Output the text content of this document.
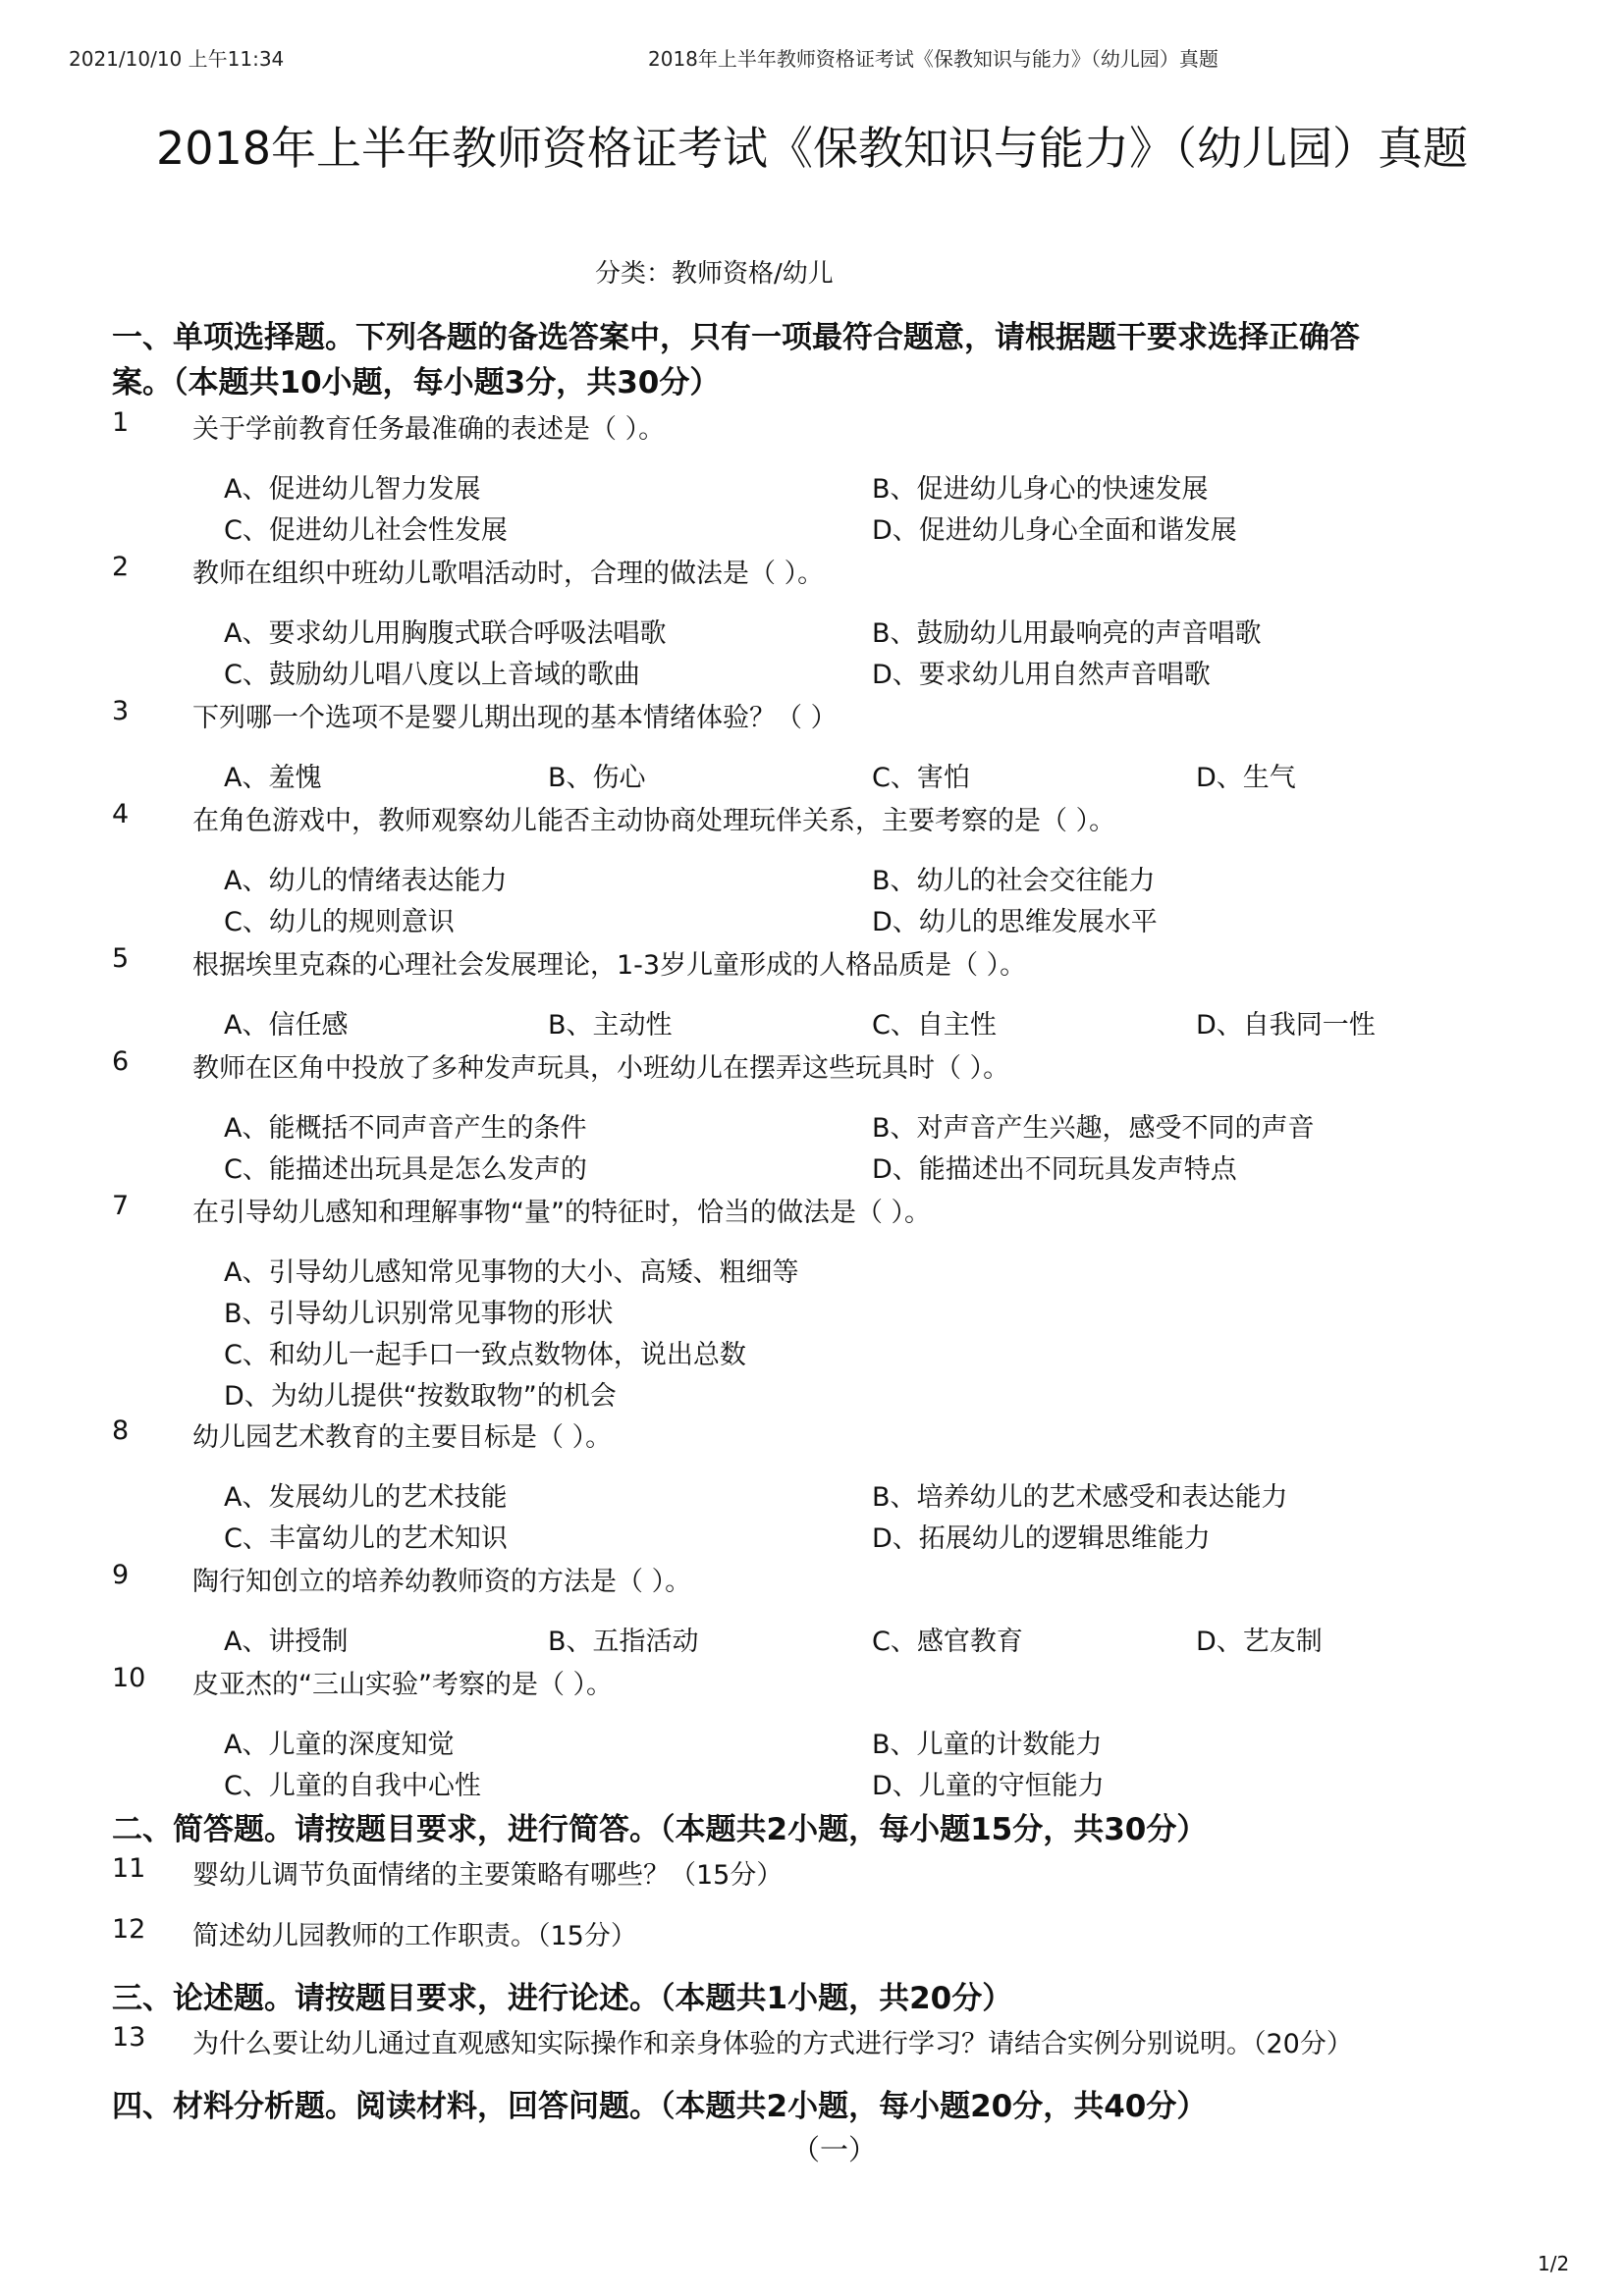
2021/10/10 上午11:34	2018年上半年教师资格证考试《保教知识与能力》（幼儿园）真题
2018年上半年教师资格证考试《保教知识与能力》（幼儿园）真题
分类：教师资格/幼儿
一、单项选择题。下列各题的备选答案中，只有一项最符合题意，请根据题干要求选择正确答
案。（本题共10小题，每小题3分，共30分）
1 关于学前教育任务最准确的表述是（ ）。
A、促进幼儿智力发展	B、促进幼儿身心的快速发展
C、促进幼儿社会性发展	D、促进幼儿身心全面和谐发展
2 教师在组织中班幼儿歌唱活动时，合理的做法是（ ）。
A、要求幼儿用胸腹式联合呼吸法唱歌	B、鼓励幼儿用最响亮的声音唱歌
C、鼓励幼儿唱八度以上音域的歌曲	D、要求幼儿用自然声音唱歌
3 下列哪一个选项不是婴儿期出现的基本情绪体验？（ ）
A、羞愧	B、伤心	C、害怕	D、生气
4 在角色游戏中，教师观察幼儿能否主动协商处理玩伴关系，主要考察的是（ ）。
A、幼儿的情绪表达能力	B、幼儿的社会交往能力
C、幼儿的规则意识	D、幼儿的思维发展水平
5 根据埃里克森的心理社会发展理论，1-3岁儿童形成的人格品质是（ ）。
A、信任感	B、主动性	C、自主性	D、自我同一性
6 教师在区角中投放了多种发声玩具，小班幼儿在摆弄这些玩具时（ ）。
A、能概括不同声音产生的条件	B、对声音产生兴趣，感受不同的声音
C、能描述出玩具是怎么发声的	D、能描述出不同玩具发声特点
7 在引导幼儿感知和理解事物“量”的特征时，恰当的做法是（ ）。
A、引导幼儿感知常见事物的大小、高矮、粗细等
B、引导幼儿识别常见事物的形状
C、和幼儿一起手口一致点数物体，说出总数
D、为幼儿提供“按数取物”的机会
8 幼儿园艺术教育的主要目标是（ ）。
A、发展幼儿的艺术技能	B、培养幼儿的艺术感受和表达能力
C、丰富幼儿的艺术知识	D、拓展幼儿的逻辑思维能力
9 陶行知创立的培养幼教师资的方法是（ ）。
A、讲授制	B、五指活动	C、感官教育	D、艺友制
10 皮亚杰的“三山实验”考察的是（ ）。
A、儿童的深度知觉	B、儿童的计数能力
C、儿童的自我中心性	D、儿童的守恒能力
二、简答题。请按题目要求，进行简答。（本题共2小题，每小题15分，共30分）
11 婴幼儿调节负面情绪的主要策略有哪些？（15分）
12 简述幼儿园教师的工作职责。（15分）
三、论述题。请按题目要求，进行论述。（本题共1小题，共20分）
13 为什么要让幼儿通过直观感知实际操作和亲身体验的方式进行学习？请结合实例分别说明。（20分）
四、材料分析题。阅读材料，回答问题。（本题共2小题，每小题20分，共40分）
（一）
1/2
